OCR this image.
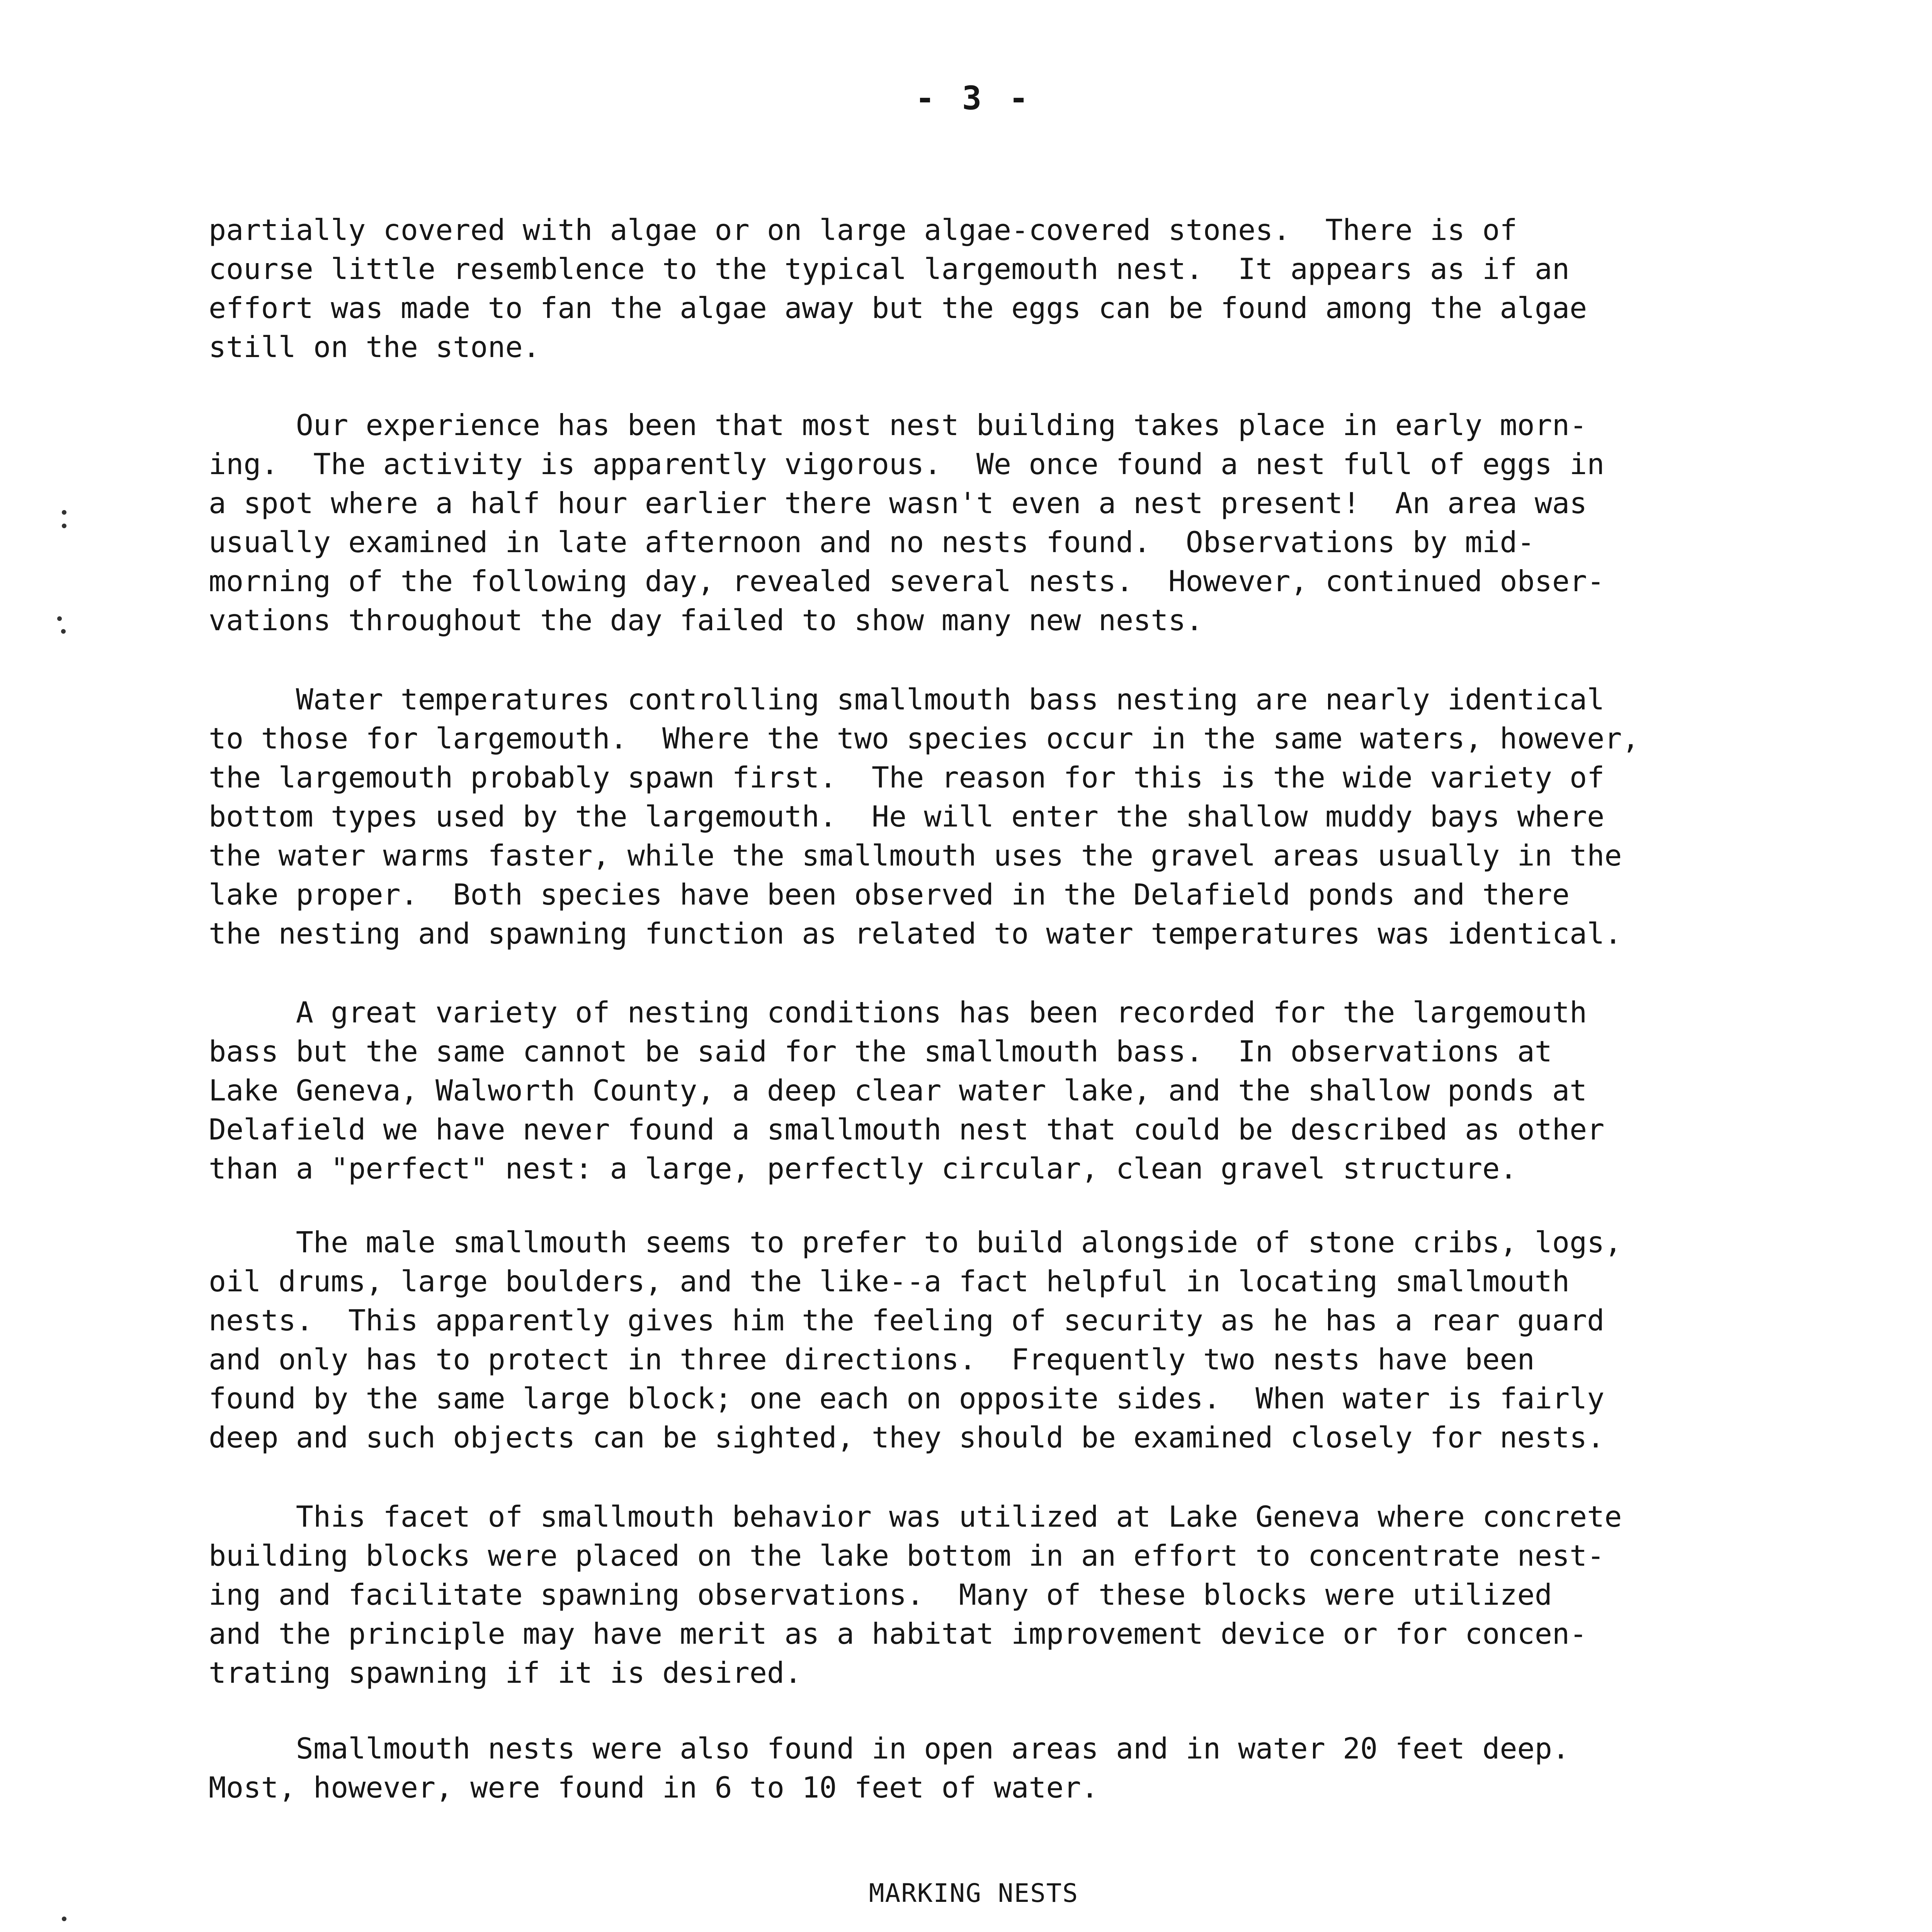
- 3 -
partially covered with algae or on large algae-covered stones.  There is of
course little resemblence to the typical largemouth nest.  It appears as if an
effort was made to fan the algae away but the eggs can be found among the algae
still on the stone.
Our experience has been that most nest building takes place in early morn-
ing.  The activity is apparently vigorous.  We once found a nest full of eggs in
a spot where a half hour earlier there wasn't even a nest present!  An area was
usually examined in late afternoon and no nests found.  Observations by mid-
morning of the following day, revealed several nests.  However, continued obser-
vations throughout the day failed to show many new nests.
Water temperatures controlling smallmouth bass nesting are nearly identical
to those for largemouth.  Where the two species occur in the same waters, however,
the largemouth probably spawn first.  The reason for this is the wide variety of
bottom types used by the largemouth.  He will enter the shallow muddy bays where
the water warms faster, while the smallmouth uses the gravel areas usually in the
lake proper.  Both species have been observed in the Delafield ponds and there
the nesting and spawning function as related to water temperatures was identical.
A great variety of nesting conditions has been recorded for the largemouth
bass but the same cannot be said for the smallmouth bass.  In observations at
Lake Geneva, Walworth County, a deep clear water lake, and the shallow ponds at
Delafield we have never found a smallmouth nest that could be described as other
than a "perfect" nest: a large, perfectly circular, clean gravel structure.
The male smallmouth seems to prefer to build alongside of stone cribs, logs,
oil drums, large boulders, and the like--a fact helpful in locating smallmouth
nests.  This apparently gives him the feeling of security as he has a rear guard
and only has to protect in three directions.  Frequently two nests have been
found by the same large block; one each on opposite sides.  When water is fairly
deep and such objects can be sighted, they should be examined closely for nests.
This facet of smallmouth behavior was utilized at Lake Geneva where concrete
building blocks were placed on the lake bottom in an effort to concentrate nest-
ing and facilitate spawning observations.  Many of these blocks were utilized
and the principle may have merit as a habitat improvement device or for concen-
trating spawning if it is desired.
Smallmouth nests were also found in open areas and in water 20 feet deep.
Most, however, were found in 6 to 10 feet of water.
MARKING NESTS
